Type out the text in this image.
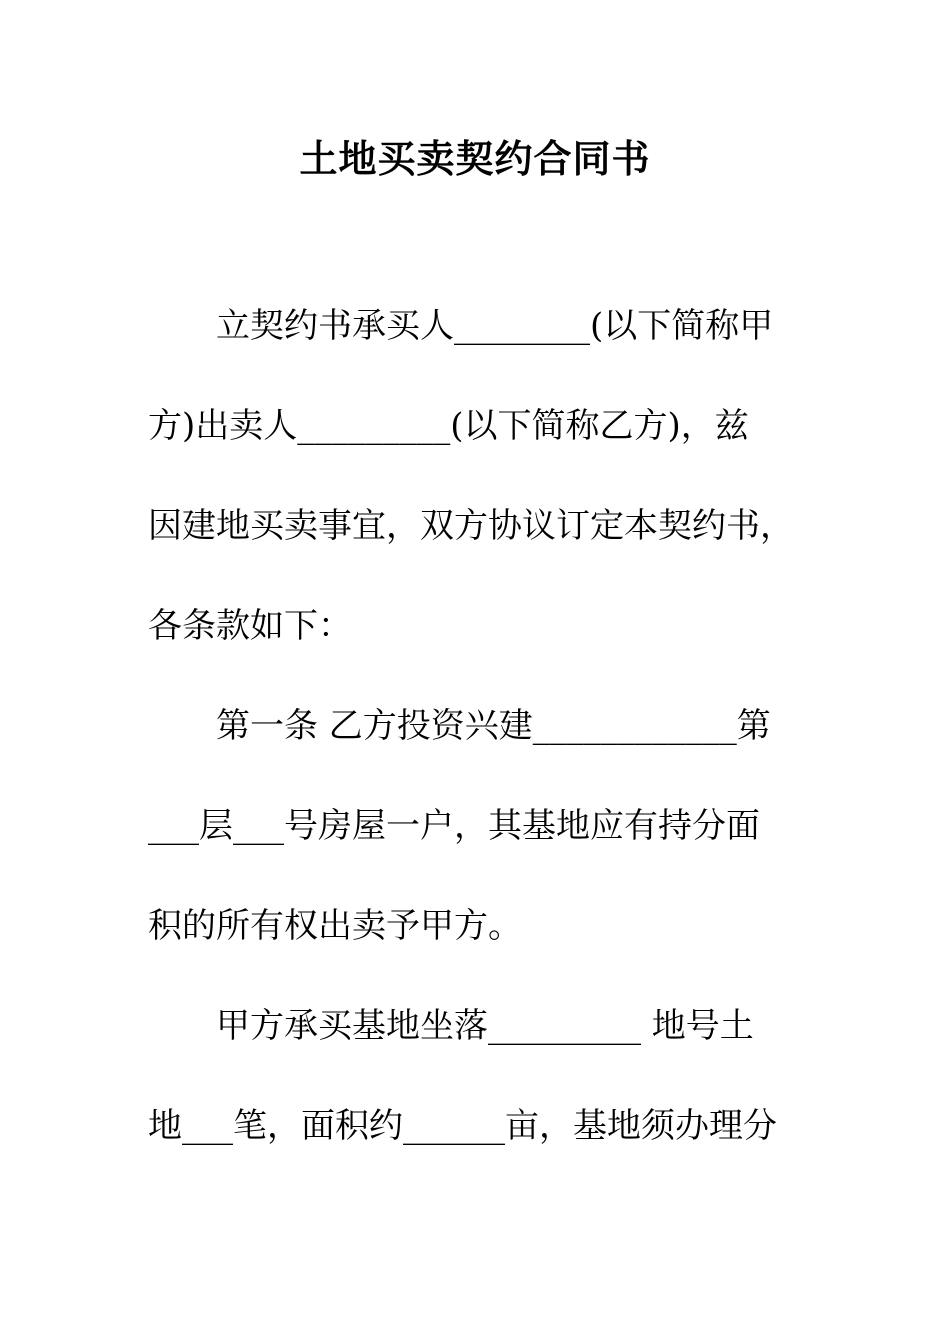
土地买卖契约合同书
立契约书承买人________(以下简称甲
方)出卖人_________(以下简称乙方)，兹
因建地买卖事宜，双方协议订定本契约书，
各条款如下：
第一条 乙方投资兴建____________第
___层___号房屋一户，其基地应有持分面
积的所有权出卖予甲方。
甲方承买基地坐落_________ 地号土
地___笔，面积约______亩，基地须办理分
